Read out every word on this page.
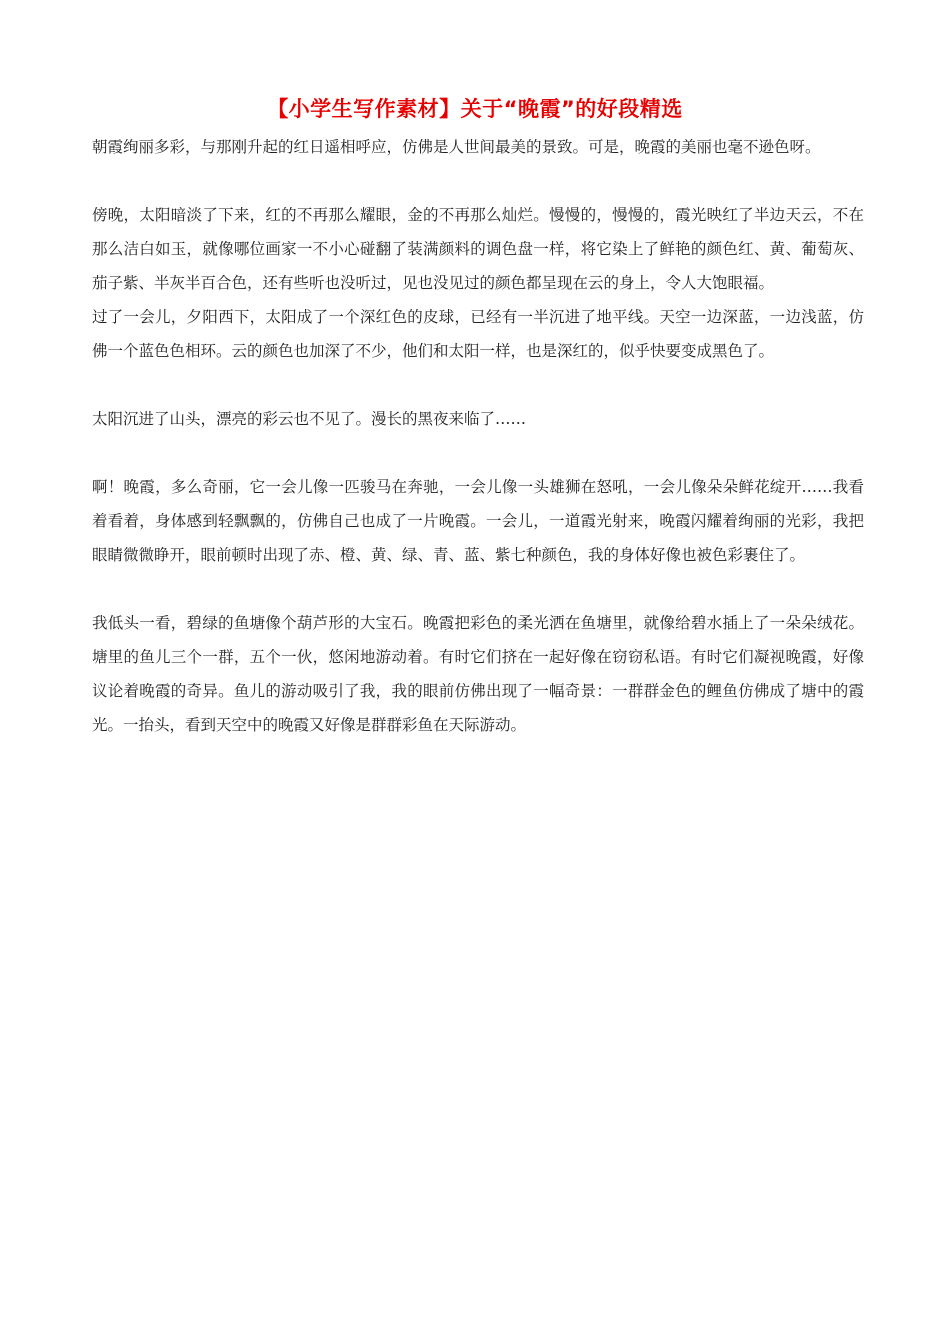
【小学生写作素材】关于“晚霞”的好段精选

朝霞绚丽多彩，与那刚升起的红日遥相呼应，仿佛是人世间最美的景致。可是，晚霞的美丽也毫不逊色呀。

傍晚，太阳暗淡了下来，红的不再那么耀眼，金的不再那么灿烂。慢慢的，慢慢的，霞光映红了半边天云，不在那么洁白如玉，就像哪位画家一不小心碰翻了装满颜料的调色盘一样，将它染上了鲜艳的颜色红、黄、葡萄灰、茄子紫、半灰半百合色，还有些听也没听过，见也没见过的颜色都呈现在云的身上，令人大饱眼福。

过了一会儿，夕阳西下，太阳成了一个深红色的皮球，已经有一半沉进了地平线。天空一边深蓝，一边浅蓝，仿佛一个蓝色色相环。云的颜色也加深了不少，他们和太阳一样，也是深红的，似乎快要变成黑色了。

太阳沉进了山头，漂亮的彩云也不见了。漫长的黑夜来临了……

啊！晚霞，多么奇丽，它一会儿像一匹骏马在奔驰，一会儿像一头雄狮在怒吼，一会儿像朵朵鲜花绽开……我看着看着，身体感到轻飘飘的，仿佛自己也成了一片晚霞。一会儿，一道霞光射来，晚霞闪耀着绚丽的光彩，我把眼睛微微睁开，眼前顿时出现了赤、橙、黄、绿、青、蓝、紫七种颜色，我的身体好像也被色彩裹住了。

我低头一看，碧绿的鱼塘像个葫芦形的大宝石。晚霞把彩色的柔光洒在鱼塘里，就像给碧水插上了一朵朵绒花。塘里的鱼儿三个一群，五个一伙，悠闲地游动着。有时它们挤在一起好像在窃窃私语。有时它们凝视晚霞，好像议论着晚霞的奇异。鱼儿的游动吸引了我，我的眼前仿佛出现了一幅奇景：一群群金色的鲤鱼仿佛成了塘中的霞光。一抬头，看到天空中的晚霞又好像是群群彩鱼在天际游动。
